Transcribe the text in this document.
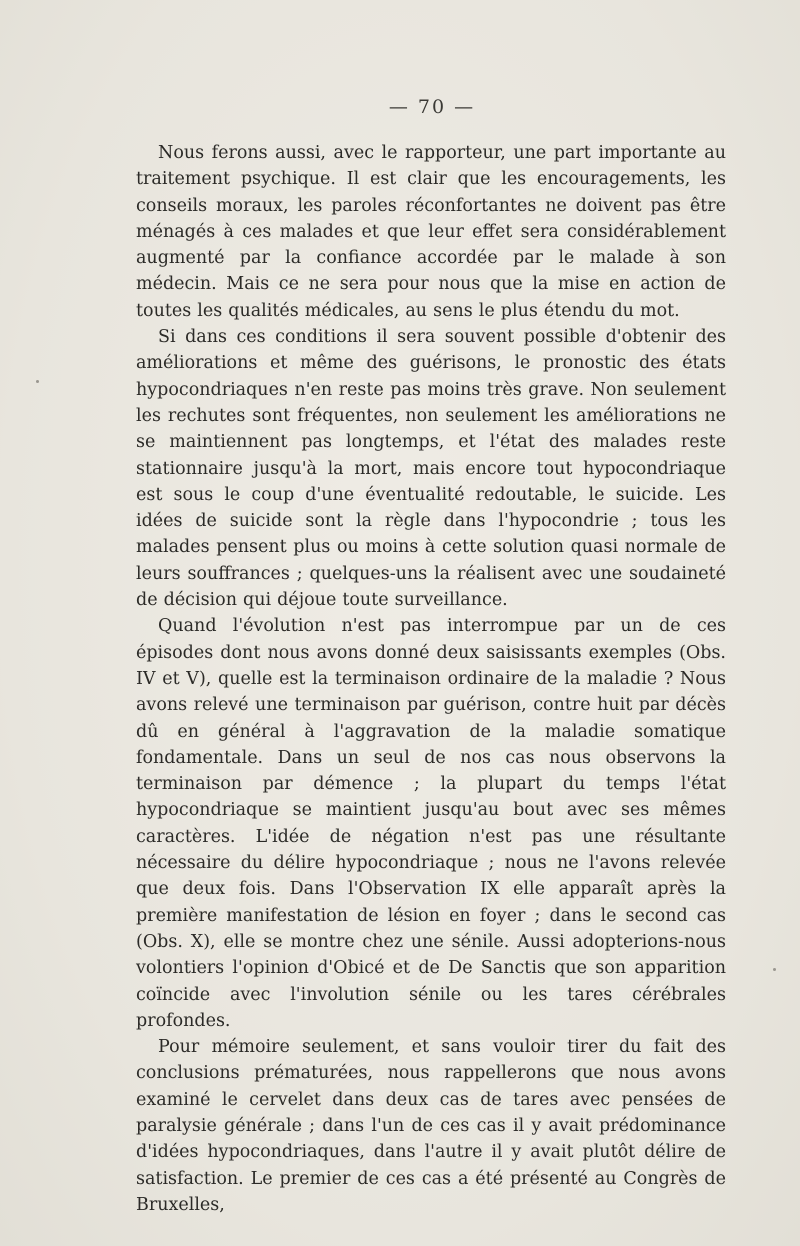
— 70 —

Nous ferons aussi, avec le rapporteur, une part importante au traitement psychique. Il est clair que les encouragements, les conseils moraux, les paroles réconfortantes ne doivent pas être ménagés à ces malades et que leur effet sera considérablement augmenté par la confiance accordée par le malade à son médecin. Mais ce ne sera pour nous que la mise en action de toutes les qualités médicales, au sens le plus étendu du mot.

Si dans ces conditions il sera souvent possible d'obtenir des améliorations et même des guérisons, le pronostic des états hypocondriaques n'en reste pas moins très grave. Non seulement les rechutes sont fréquentes, non seulement les améliorations ne se maintiennent pas longtemps, et l'état des malades reste stationnaire jusqu'à la mort, mais encore tout hypocondriaque est sous le coup d'une éventualité redoutable, le suicide. Les idées de suicide sont la règle dans l'hypocondrie ; tous les malades pensent plus ou moins à cette solution quasi normale de leurs souffrances ; quelques-uns la réalisent avec une soudaineté de décision qui déjoue toute surveillance.

Quand l'évolution n'est pas interrompue par un de ces épisodes dont nous avons donné deux saisissants exemples (Obs. IV et V), quelle est la terminaison ordinaire de la maladie ? Nous avons relevé une terminaison par guérison, contre huit par décès dû en général à l'aggravation de la maladie somatique fondamentale. Dans un seul de nos cas nous observons la terminaison par démence ; la plupart du temps l'état hypocondriaque se maintient jusqu'au bout avec ses mêmes caractères. L'idée de négation n'est pas une résultante nécessaire du délire hypocondriaque ; nous ne l'avons relevée que deux fois. Dans l'Observation IX elle apparaît après la première manifestation de lésion en foyer ; dans le second cas (Obs. X), elle se montre chez une sénile. Aussi adopterions-nous volontiers l'opinion d'Obicé et de De Sanctis que son apparition coïncide avec l'involution sénile ou les tares cérébrales profondes.

Pour mémoire seulement, et sans vouloir tirer du fait des conclusions prématurées, nous rappellerons que nous avons examiné le cervelet dans deux cas de tares avec pensées de paralysie générale ; dans l'un de ces cas il y avait prédominance d'idées hypocondriaques, dans l'autre il y avait plutôt délire de satisfaction. Le premier de ces cas a été présenté au Congrès de Bruxelles,
